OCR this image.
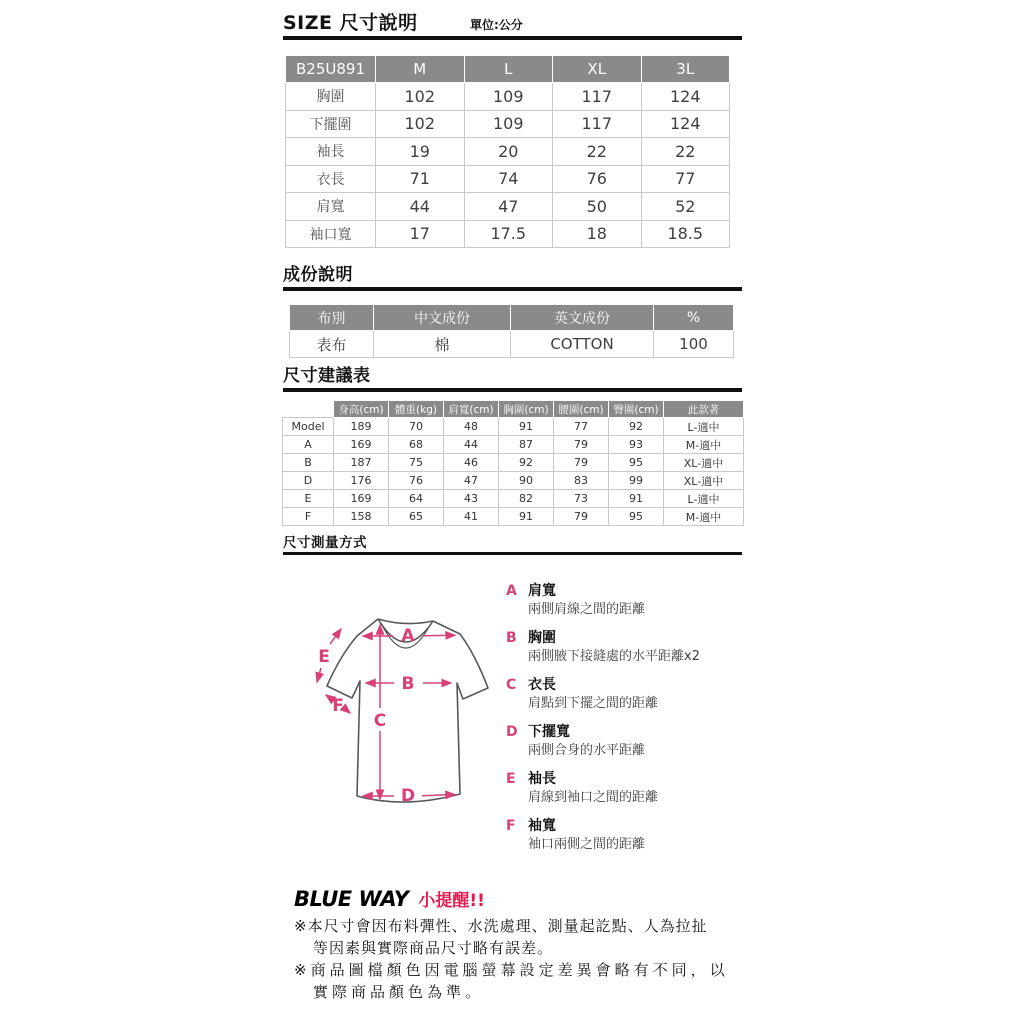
SIZE 尺寸說明	單位:公分
B25U891	M	L	XL	3L
胸圍	102	109	117	124
下擺圍	102	109	117	124
袖長	19	20	22	22
衣長	71	74	76	77
肩寬	44	47	50	52
袖口寬	17	17.5	18	18.5
成份說明
布別	中文成份	英文成份	%
表布	棉	COTTON	100
尺寸建議表
	身高(cm)	體重(kg)	肩寬(cm)	胸圍(cm)	腰圍(cm)	臀圍(cm)	此款著
Model	189	70	48	91	77	92	L-適中
A	169	68	44	87	79	93	M-適中
B	187	75	46	92	79	95	XL-適中
D	176	76	47	90	83	99	XL-適中
E	169	64	43	82	73	91	L-適中
F	158	65	41	91	79	95	M-適中
尺寸測量方式
A
B
C
D
E
F
A 肩寬
兩側肩線之間的距離
B 胸圍
兩側腋下接縫處的水平距離x2
C 衣長
肩點到下擺之間的距離
D 下擺寬
兩側合身的水平距離
E 袖長
肩線到袖口之間的距離
F 袖寬
袖口兩側之間的距離
BLUE WAY 小提醒!!
※本尺寸會因布料彈性、水洗處理、測量起訖點、人為拉扯
等因素與實際商品尺寸略有誤差。
※商品圖檔顏色因電腦螢幕設定差異會略有不同，以
實際商品顏色為準。
